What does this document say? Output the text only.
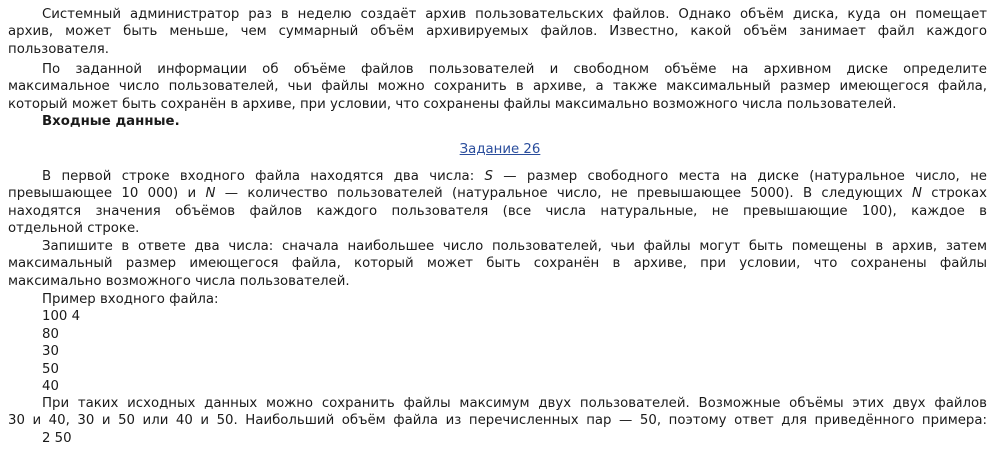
Системный администратор раз в неделю создаёт архив пользовательских файлов. Однако объём диска, куда он помещает
архив, может быть меньше, чем суммарный объём архивируемых файлов. Известно, какой объём занимает файл каждого
пользователя.
По заданной информации об объёме файлов пользователей и свободном объёме на архивном диске определите
максимальное число пользователей, чьи файлы можно сохранить в архиве, а также максимальный размер имеющегося файла,
который может быть сохранён в архиве, при условии, что сохранены файлы максимально возможного числа пользователей.
Входные данные.
Задание 26
В первой строке входного файла находятся два числа: S — размер свободного места на диске (натуральное число, не
превышающее 10 000) и N — количество пользователей (натуральное число, не превышающее 5000). В следующих N строках
находятся значения объёмов файлов каждого пользователя (все числа натуральные, не превышающие 100), каждое в
отдельной строке.
Запишите в ответе два числа: сначала наибольшее число пользователей, чьи файлы могут быть помещены в архив, затем
максимальный размер имеющегося файла, который может быть сохранён в архиве, при условии, что сохранены файлы
максимально возможного числа пользователей.
Пример входного файла:
100 4
80
30
50
40
При таких исходных данных можно сохранить файлы максимум двух пользователей. Возможные объёмы этих двух файлов
30 и 40, 30 и 50 или 40 и 50. Наибольший объём файла из перечисленных пар — 50, поэтому ответ для приведённого примера:
2 50
